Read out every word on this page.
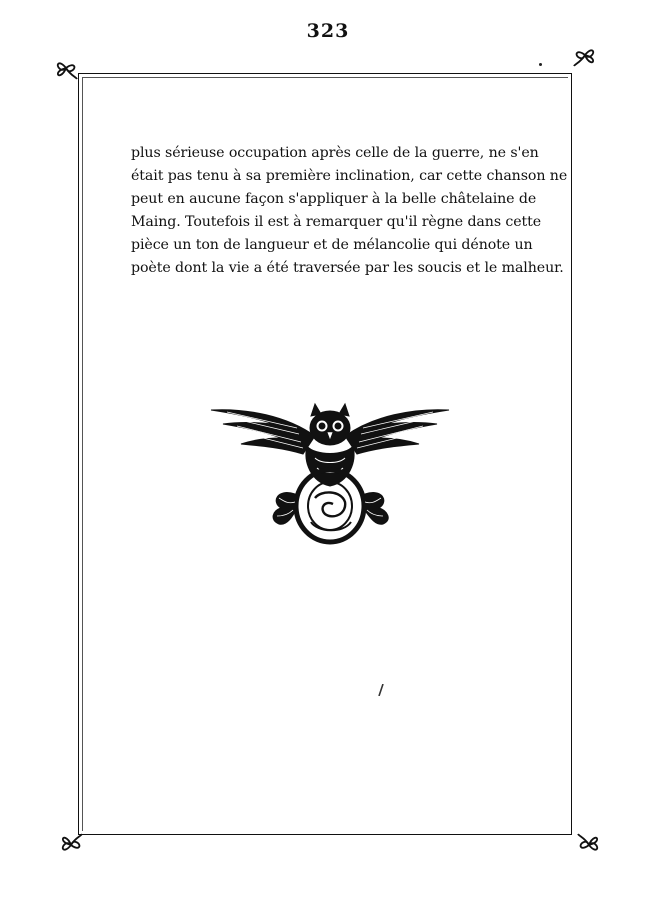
323
plus sérieuse occupation après celle de la guerre, ne s'en
était pas tenu à sa première inclination, car cette chanson ne
peut en aucune façon s'appliquer à la belle châtelaine de
Maing. Toutefois il est à remarquer qu'il règne dans cette
pièce un ton de langueur et de mélancolie qui dénote un
poète dont la vie a été traversée par les soucis et le malheur.
